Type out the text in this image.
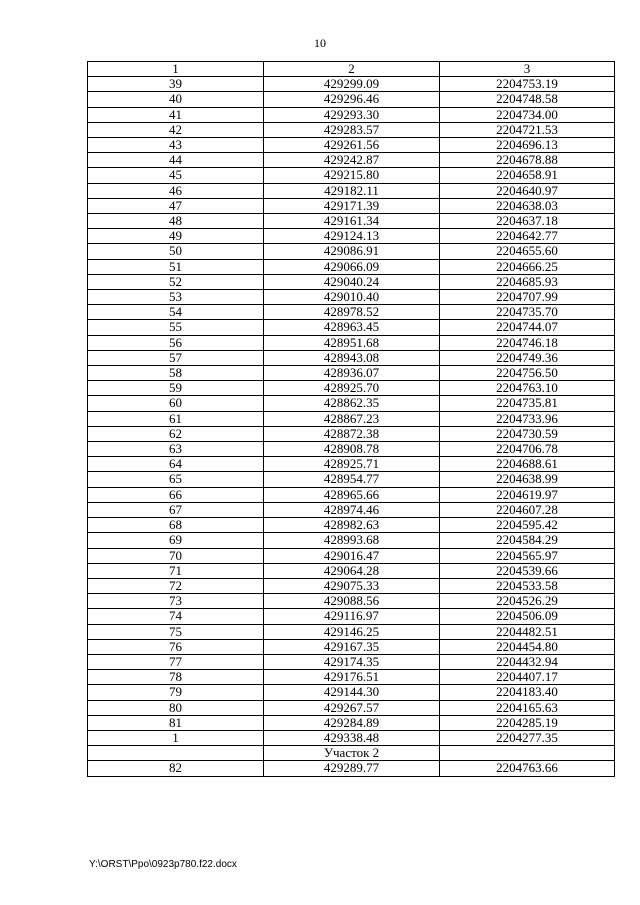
10
1	2	3
39	429299.09	2204753.19
40	429296.46	2204748.58
41	429293.30	2204734.00
42	429283.57	2204721.53
43	429261.56	2204696.13
44	429242.87	2204678.88
45	429215.80	2204658.91
46	429182.11	2204640.97
47	429171.39	2204638.03
48	429161.34	2204637.18
49	429124.13	2204642.77
50	429086.91	2204655.60
51	429066.09	2204666.25
52	429040.24	2204685.93
53	429010.40	2204707.99
54	428978.52	2204735.70
55	428963.45	2204744.07
56	428951.68	2204746.18
57	428943.08	2204749.36
58	428936.07	2204756.50
59	428925.70	2204763.10
60	428862.35	2204735.81
61	428867.23	2204733.96
62	428872.38	2204730.59
63	428908.78	2204706.78
64	428925.71	2204688.61
65	428954.77	2204638.99
66	428965.66	2204619.97
67	428974.46	2204607.28
68	428982.63	2204595.42
69	428993.68	2204584.29
70	429016.47	2204565.97
71	429064.28	2204539.66
72	429075.33	2204533.58
73	429088.56	2204526.29
74	429116.97	2204506.09
75	429146.25	2204482.51
76	429167.35	2204454.80
77	429174.35	2204432.94
78	429176.51	2204407.17
79	429144.30	2204183.40
80	429267.57	2204165.63
81	429284.89	2204285.19
1	429338.48	2204277.35
	Участок 2	
82	429289.77	2204763.66
Y:\ORST\Ppo\0923p780.f22.docx
